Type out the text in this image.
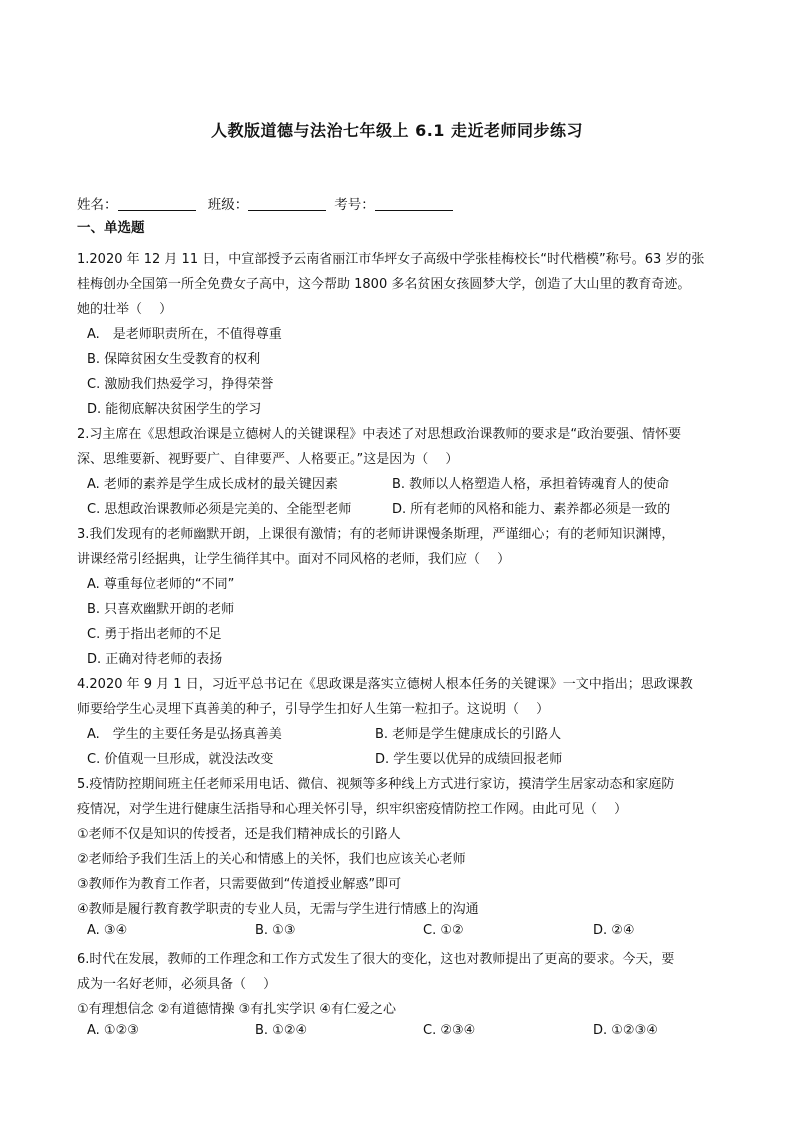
人教版道德与法治七年级上 6.1 走近老师同步练习
姓名：	班级：	考号：
一、单选题
1.2020 年 12 月 11 日，中宣部授予云南省丽江市华坪女子高级中学张桂梅校长“时代楷模”称号。63 岁的张
桂梅创办全国第一所全免费女子高中，这今帮助 1800 多名贫困女孩圆梦大学，创造了大山里的教育奇迹。
她的壮举（　 ）
A.　是老师职责所在，不值得尊重
B. 保障贫困女生受教育的权利
C. 激励我们热爱学习，挣得荣誉
D. 能彻底解决贫困学生的学习
2.习主席在《思想政治课是立德树人的关键课程》中表述了对思想政治课教师的要求是“政治要强、情怀要
深、思维要新、视野要广、自律要严、人格要正。”这是因为（　 ）
A. 老师的素养是学生成长成材的最关键因素	B. 教师以人格塑造人格，承担着铸魂育人的使命
C. 思想政治课教师必须是完美的、全能型老师	D. 所有老师的风格和能力、素养都必须是一致的
3.我们发现有的老师幽默开朗，上课很有激情；有的老师讲课慢条斯理，严谨细心；有的老师知识渊博，
讲课经常引经据典，让学生徜徉其中。面对不同风格的老师，我们应（　 ）
A. 尊重每位老师的“不同”
B. 只喜欢幽默开朗的老师
C. 勇于指出老师的不足
D. 正确对待老师的表扬
4.2020 年 9 月 1 日，习近平总书记在《思政课是落实立德树人根本任务的关键课》一文中指出；思政课教
师要给学生心灵埋下真善美的种子，引导学生扣好人生第一粒扣子。这说明（　 ）
A.　学生的主要任务是弘扬真善美	B. 老师是学生健康成长的引路人
C. 价值观一旦形成，就没法改变	D. 学生要以优异的成绩回报老师
5.疫情防控期间班主任老师采用电话、微信、视频等多种线上方式进行家访，摸清学生居家动态和家庭防
疫情况，对学生进行健康生活指导和心理关怀引导，织牢织密疫情防控工作网。由此可见（　 ）
①老师不仅是知识的传授者，还是我们精神成长的引路人
②老师给予我们生活上的关心和情感上的关怀，我们也应该关心老师
③教师作为教育工作者，只需要做到“传道授业解惑”即可
④教师是履行教育教学职责的专业人员，无需与学生进行情感上的沟通
A. ③④	B. ①③	C. ①②	D. ②④
6.时代在发展，教师的工作理念和工作方式发生了很大的变化，这也对教师提出了更高的要求。今天，要
成为一名好老师，必须具备（　 ）
①有理想信念 ②有道德情操 ③有扎实学识 ④有仁爱之心
A. ①②③	B. ①②④	C. ②③④	D. ①②③④
